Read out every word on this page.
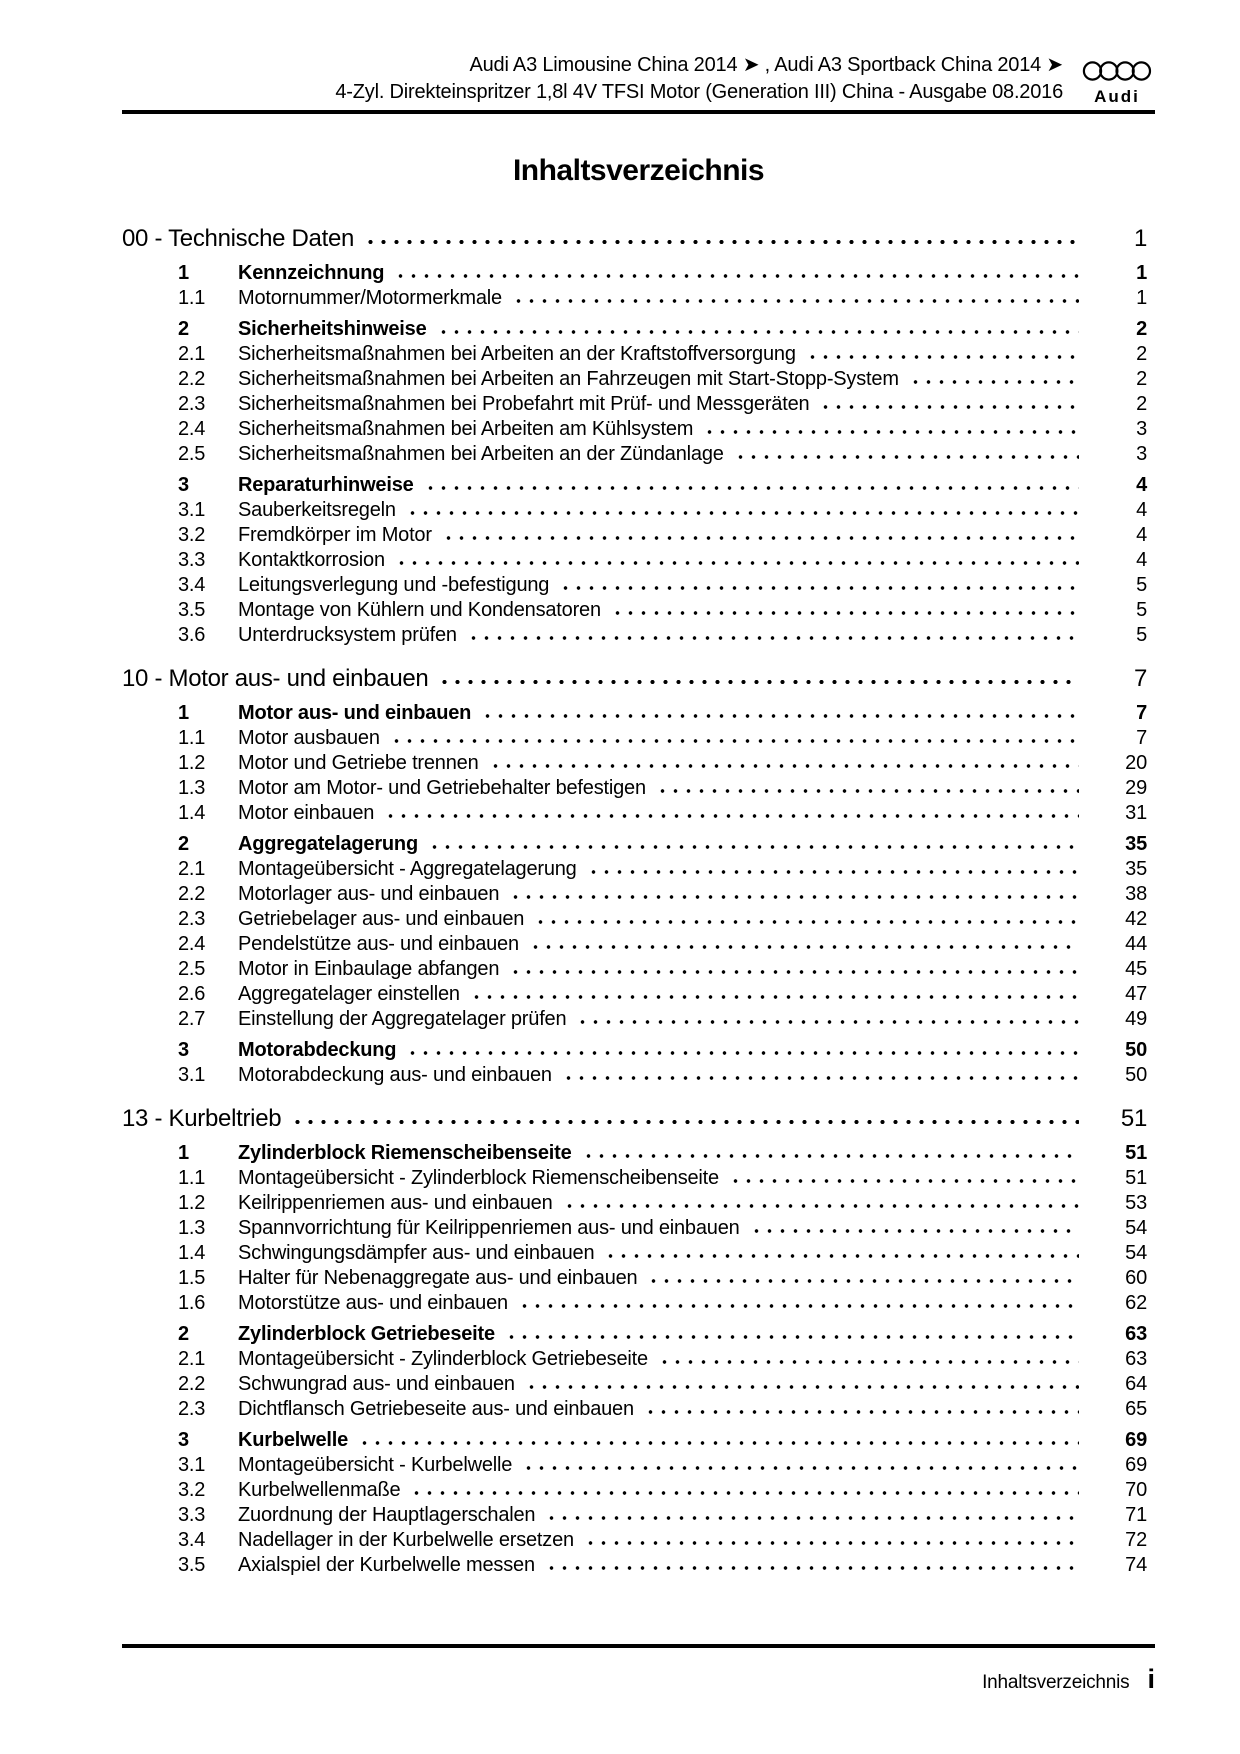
Audi A3 Limousine China 2014 ➤ , Audi A3 Sportback China 2014 ➤
4-Zyl. Direkteinspritzer 1,8l 4V TFSI Motor (Generation III) China - Ausgabe 08.2016	Audi
Inhaltsverzeichnis
00 - Technische Daten	1
1	Kennzeichnung	1
1.1	Motornummer/Motormerkmale	1
2	Sicherheitshinweise	2
2.1	Sicherheitsmaßnahmen bei Arbeiten an der Kraftstoffversorgung	2
2.2	Sicherheitsmaßnahmen bei Arbeiten an Fahrzeugen mit Start-Stopp-System	2
2.3	Sicherheitsmaßnahmen bei Probefahrt mit Prüf- und Messgeräten	2
2.4	Sicherheitsmaßnahmen bei Arbeiten am Kühlsystem	3
2.5	Sicherheitsmaßnahmen bei Arbeiten an der Zündanlage	3
3	Reparaturhinweise	4
3.1	Sauberkeitsregeln	4
3.2	Fremdkörper im Motor	4
3.3	Kontaktkorrosion	4
3.4	Leitungsverlegung und -befestigung	5
3.5	Montage von Kühlern und Kondensatoren	5
3.6	Unterdrucksystem prüfen	5
10 - Motor aus- und einbauen	7
1	Motor aus- und einbauen	7
1.1	Motor ausbauen	7
1.2	Motor und Getriebe trennen	20
1.3	Motor am Motor- und Getriebehalter befestigen	29
1.4	Motor einbauen	31
2	Aggregatelagerung	35
2.1	Montageübersicht - Aggregatelagerung	35
2.2	Motorlager aus- und einbauen	38
2.3	Getriebelager aus- und einbauen	42
2.4	Pendelstütze aus- und einbauen	44
2.5	Motor in Einbaulage abfangen	45
2.6	Aggregatelager einstellen	47
2.7	Einstellung der Aggregatelager prüfen	49
3	Motorabdeckung	50
3.1	Motorabdeckung aus- und einbauen	50
13 - Kurbeltrieb	51
1	Zylinderblock Riemenscheibenseite	51
1.1	Montageübersicht - Zylinderblock Riemenscheibenseite	51
1.2	Keilrippenriemen aus- und einbauen	53
1.3	Spannvorrichtung für Keilrippenriemen aus- und einbauen	54
1.4	Schwingungsdämpfer aus- und einbauen	54
1.5	Halter für Nebenaggregate aus- und einbauen	60
1.6	Motorstütze aus- und einbauen	62
2	Zylinderblock Getriebeseite	63
2.1	Montageübersicht - Zylinderblock Getriebeseite	63
2.2	Schwungrad aus- und einbauen	64
2.3	Dichtflansch Getriebeseite aus- und einbauen	65
3	Kurbelwelle	69
3.1	Montageübersicht - Kurbelwelle	69
3.2	Kurbelwellenmaße	70
3.3	Zuordnung der Hauptlagerschalen	71
3.4	Nadellager in der Kurbelwelle ersetzen	72
3.5	Axialspiel der Kurbelwelle messen	74
Inhaltsverzeichnis i
